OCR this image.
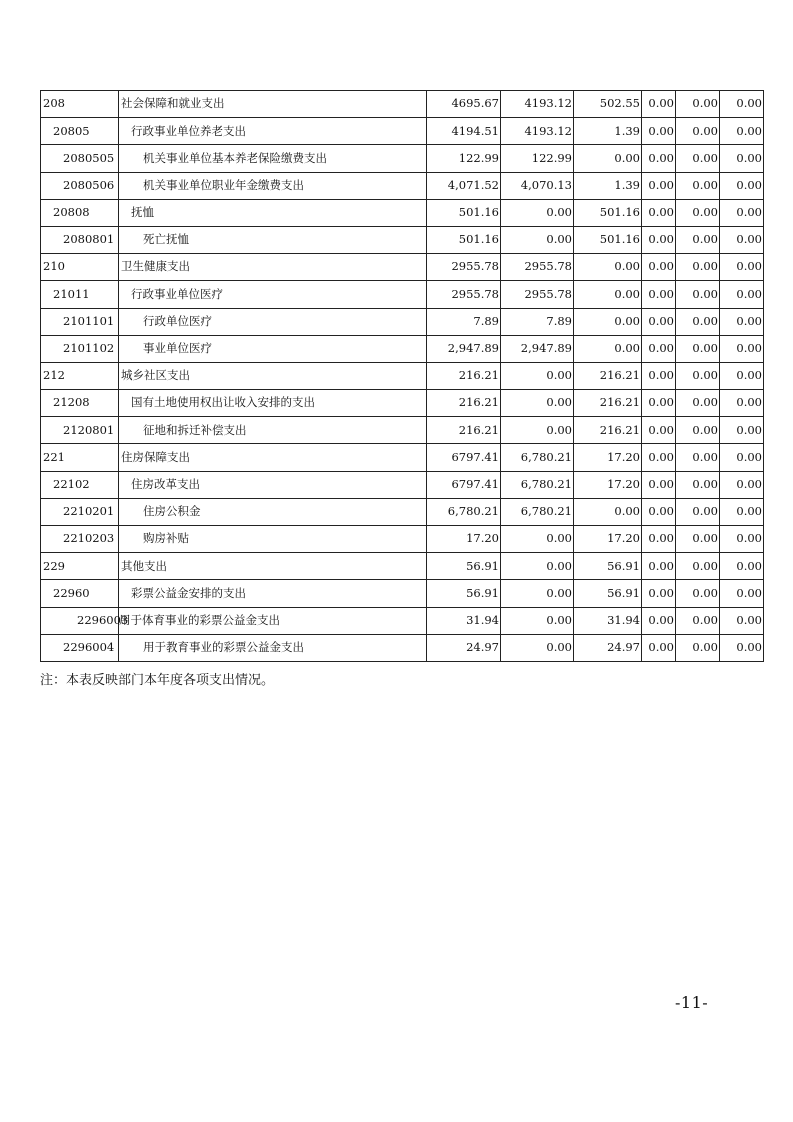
208	社会保障和就业支出	4695.67	4193.12	502.55	0.00	0.00	0.00
20805	行政事业单位养老支出	4194.51	4193.12	1.39	0.00	0.00	0.00
2080505	机关事业单位基本养老保险缴费支出	122.99	122.99	0.00	0.00	0.00	0.00
2080506	机关事业单位职业年金缴费支出	4,071.52	4,070.13	1.39	0.00	0.00	0.00
20808	抚恤	501.16	0.00	501.16	0.00	0.00	0.00
2080801	死亡抚恤	501.16	0.00	501.16	0.00	0.00	0.00
210	卫生健康支出	2955.78	2955.78	0.00	0.00	0.00	0.00
21011	行政事业单位医疗	2955.78	2955.78	0.00	0.00	0.00	0.00
2101101	行政单位医疗	7.89	7.89	0.00	0.00	0.00	0.00
2101102	事业单位医疗	2,947.89	2,947.89	0.00	0.00	0.00	0.00
212	城乡社区支出	216.21	0.00	216.21	0.00	0.00	0.00
21208	国有土地使用权出让收入安排的支出	216.21	0.00	216.21	0.00	0.00	0.00
2120801	征地和拆迁补偿支出	216.21	0.00	216.21	0.00	0.00	0.00
221	住房保障支出	6797.41	6,780.21	17.20	0.00	0.00	0.00
22102	住房改革支出	6797.41	6,780.21	17.20	0.00	0.00	0.00
2210201	住房公积金	6,780.21	6,780.21	0.00	0.00	0.00	0.00
2210203	购房补贴	17.20	0.00	17.20	0.00	0.00	0.00
229	其他支出	56.91	0.00	56.91	0.00	0.00	0.00
22960	彩票公益金安排的支出	56.91	0.00	56.91	0.00	0.00	0.00
2296003	用于体育事业的彩票公益金支出	31.94	0.00	31.94	0.00	0.00	0.00
2296004	用于教育事业的彩票公益金支出	24.97	0.00	24.97	0.00	0.00	0.00
注：本表反映部门本年度各项支出情况。
-11-
